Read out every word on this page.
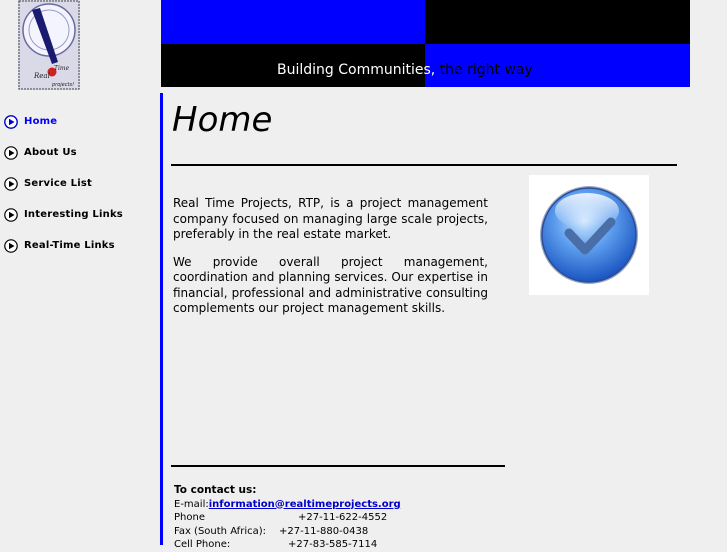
Real
Time
projects!
Building Communities, the right way
Home
About Us
Service List
Interesting Links
Real-Time Links
Home

Real Time Projects, RTP, is a project management company focused on managing large scale projects, preferably in the real estate market.

We provide overall project management, coordination and planning services. Our expertise in financial, professional and administrative consulting complements our project management skills.

To contact us:
E-mail: information@realtimeprojects.org
Phone	+27-11-622-4552
Fax (South Africa):	+27-11-880-0438
Cell Phone:	+27-83-585-7114
